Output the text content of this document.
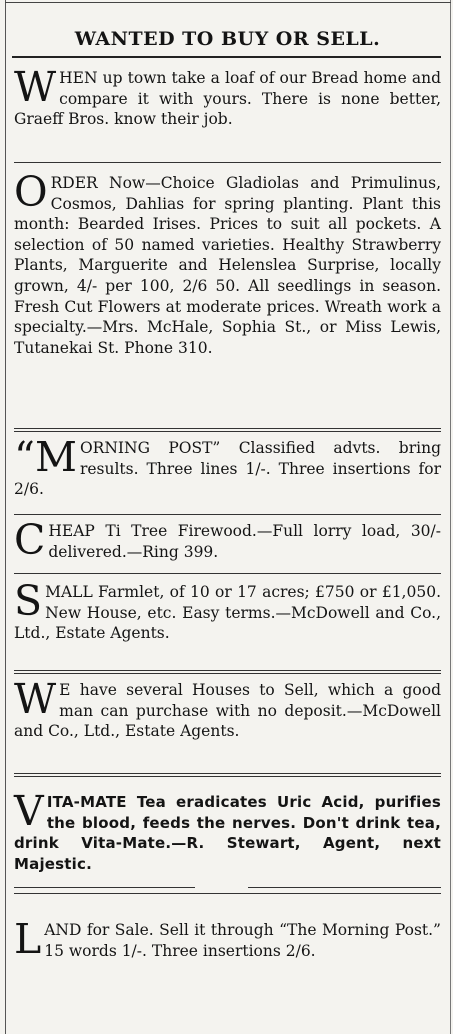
WANTED TO BUY OR SELL.
WHEN up town take a loaf of our Bread home and compare it with yours. There is none better, Graeff Bros. know their job.
ORDER Now—Choice Gladiolas and Primulinus, Cosmos, Dahlias for spring planting. Plant this month: Bearded Irises. Prices to suit all pockets. A selection of 50 named varieties. Healthy Strawberry Plants, Marguerite and Helenslea Surprise, locally grown, 4/- per 100, 2/6 50. All seedlings in season. Fresh Cut Flowers at moderate prices. Wreath work a specialty.—Mrs. McHale, Sophia St., or Miss Lewis, Tutanekai St. Phone 310.
“MORNING POST” Classified advts. bring results. Three lines 1/-. Three insertions for 2/6.
CHEAP Ti Tree Firewood.—Full lorry load, 30/- delivered.—Ring 399.
SMALL Farmlet, of 10 or 17 acres; £750 or £1,050. New House, etc. Easy terms.—McDowell and Co., Ltd., Estate Agents.
W E have several Houses to Sell, which a good man can purchase with no deposit.—McDowell and Co., Ltd., Estate Agents.
VITA-MATE Tea eradicates Uric Acid, purifies the blood, feeds the nerves. Don't drink tea, drink Vita-Mate.—R. Stewart, Agent, next Majestic.
LAND for Sale. Sell it through “The Morning Post.” 15 words 1/-. Three insertions 2/6.
